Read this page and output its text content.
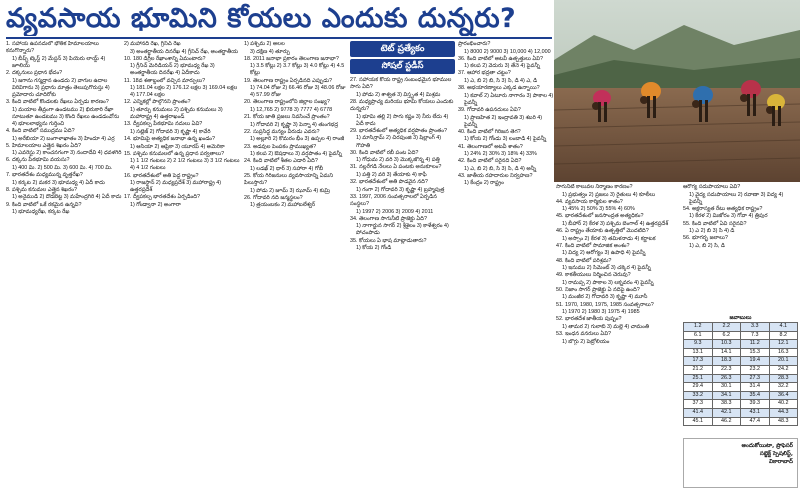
వ్యవసాయ భూమిని కోయలు ఎందుకు దున్నరు?
టెట్ ప్రత్యేకం
సోషల్ స్టడీస్
1. సహాయ ఉపనదులో భౌతిక హిమాలయాలు కనుగొన్నారు?
1) బీప్స్ ట్కెస్ట్ 2) మేస్టన్ 3) పియెరు లాయ్డ్ 4) జూలియ్
2. దక్కనులు ప్రధాన భేదం?
1) జగాను గస్మద్రాన ఉండదు 2) వాగుల ఉదాల విరివిగాను 3) ప్రధాను మాత్రం తెలుపుగొరుస్తు 4) ప్రమోదారు చూదిరోకు
3. కింది వాటిలో కొండలకు రేఖలు ఏర్పడు కారణం?
1) మయాల తీవ్రంగా ఉండటము 2) భిరుకారి రేఖా సూటుతూ ఉండటము 3) కొంది రేఖలు ఉండడంవోను 4) భూలలాభ్యను గుర్తించి
4. కింది వాటిలో సముద్రము ఏది?
1) అరేబియా 2) బంగాళాఖాతం 3) హిందూ 4) ఎర్ర
5. హిమాలయాల ఎత్తైన శిఖరం ఏది?
1) ఎవరెస్టు 2) కాంచనగంగా 3) నందాదేవి 4) ధవళగిరి
6. దక్కను పీఠభూమి వయసు?
1) 400 మి. 2) 500 మి. 3) 600 మి. 4) 700 మి.
7. భారతదేశం మధ్యమున్న వృత్తరేఖ?
1) కర్కట 2) మకర 3) భూమధ్య 4) ఏదీ కాదు
8. పశ్చిమ కనుమల ఎత్తైన శిఖరం?
1) అనైముడి 2) దొడబెట్ట 3) మహేంద్రగిరి 4) ఏదీ కాదు
9. కింది వాటిలో ఒకే రకమైన ఉన్నవి?
1) భూమధ్యరేఖ, కర్కట రేఖ
2) మహానది రేఖ, గ్రీనిచ్ రేఖ
3) అంతర్జాతీయ దినరేఖ 4) గ్రీనిచ్ రేఖ, అంతర్జాతీయ
10. 180 డిగ్రీల రేఖాంశాన్ని ఏమంటారు?
1) గ్రీనిచ్ మెరిడియన్ 2) భూమధ్య రేఖ 3) అంతర్జాతీయ దినరేఖ 4) ఏదీకాదు
11. 18వ శతాబ్దంలో వచ్చిన మార్పులు?
1) 181.04 లక్షల 2) 176.12 లక్షల 3) 169.04 లక్షల 4) 177.04 లక్షల
12. ఎన్నికల్లో పాల్గొనని ప్రాంతం?
1) తూర్పు కనుమలు 2) పశ్చిమ కనుమలు 3) మహారాష్ట్ర 4) ఉత్తరాఖండ్
13. ద్వీపకల్ప పీఠభూమి నదులు ఏవి?
1) సట్లెజ్ 2) గోదావరి 3) కృష్ణా 4) కావేరి
14. భూమిపై అత్యధిక జనాభా ఉన్న ఖండం?
1) ఆసియా 2) ఆఫ్రికా 3) యూరప్ 4) అమెరికా
15. పశ్చిమ కనుమలలో ఉన్న ప్రధాన పర్వతాలు?
1) 1 1/2 గంటలు 2) 2 1/2 గంటలు 3) 3 1/2 గంటలు 4) 4 1/2 గంటలు
16. భారతదేశంలో అతి పెద్ద రాష్ట్రం?
1) రాజస్థాన్ 2) మధ్యప్రదేశ్ 3) మహారాష్ట్ర 4) ఉత్తరప్రదేశ్
17. ద్వీపకల్ప భారతదేశం ఏర్పడింది?
1) గోండ్వానా 2) అంగారా
1) పశ్చిమ 2) అలల
3) దక్షిణ 4) తూర్పు
18. 2011 జనాభా ప్రకారం తెలంగాణ జనాభా?
1) 3.5 కోట్లు 2) 3.7 కోట్లు 3) 4.0 కోట్లు 4) 4.5 కోట్లు
19. తెలంగాణ రాష్ట్రం ఏర్పడినది ఎప్పుడు?
1) 74.04 రోజు 2) 66.46 రోజు 3) 48.06 రోజు 4) 57.99 రోజు
20. తెలంగాణ రాష్ట్రంలోని జిల్లాల సంఖ్య?
1) 12,765 2) 9778 3) 7777 4) 6778
21. కోయ జాతి ప్రజలు నివసించే ప్రాంతం?
1) గోదావరి 2) కృష్ణా 3) పెన్నా 4) తుంగభద్ర
22. సుప్రసిద్ధ మన్యం వీరుడు ఎవరు?
1) అల్లూరి 2) కొమరం భీం 3) ఉప్పల 4) రాంజీ
23. అడవుల పెంపకం ప్రాముఖ్యత?
1) కలప 2) ఔషధాలు 3) వర్షపాతం 4) పైవన్నీ
24. కింది వాటిలో శీతల ఎడారి ఏది?
1) లడఖ్ 2) థార్ 3) సహారా 4) గోబీ
25. కోయ గిరిజనులు వ్యవసాయాన్ని ఏమని పిలుస్తారు?
1) పోడు 2) జూమ్ 3) ఝూమ్ 4) కుమ్రి
26. గోదావరి నది జన్మస్థలం?
1) త్రయంబకం 2) మహాబలేశ్వర్
27. సహాయక కోయ రాష్ట్ర సంబంధమైన భూముల సాగు ఏది?
1) పోడు 2) శాశ్వత 3) విస్తృత 4) మిశ్రమ
28. మధ్యప్రాచ్య మరియు భూమి కోయలు ఎందుకు దున్నరు?
1) భూమి తల్లి 2) సాగు కష్టం 3) నీరు లేదు 4) ఏదీ కాదు
29. భారతదేశంలో అత్యధిక వర్షపాతం ప్రాంతం?
1) మాసిన్రామ్ 2) చిరపుంజి 3) షిల్లాంగ్ 4) గౌహతి
30. కింది వాటిలో రబీ పంట ఏది?
1) గోధుమ 2) వరి 3) మొక్కజొన్న 4) పత్తి
31. నల్లరేగడి నేలలు ఏ పంటకు అనుకూలం?
1) పత్తి 2) వరి 3) తేయాకు 4) కాఫీ
32. భారతదేశంలో అతి పొడవైన నది?
1) గంగా 2) గోదావరి 3) కృష్ణా 4) బ్రహ్మపుత్ర
33. 1997, 2006 సంవత్సరాలలో ఏర్పడిన సంస్థలు?
1) 1997 2) 2006 3) 2009 4) 2011
34. తెలంగాణ సాగునీటి ప్రాజెక్టు ఏది?
1) నాగార్జున సాగర్ 2) శ్రీశైలం 3) కాళేశ్వరం 4) పోచంపాడు
35. కోయలు ఏ భాష మాట్లాడుతారు?
1) కోయ 2) గోండి
ప్రారంభించారు?
1) 8000 2) 9000 3) 10,000 4) 12,000
36. కింది వాటిలో అటవీ ఉత్పత్తులు ఏవి?
1) కలప 2) వెదురు 3) తేనె 4) పైవన్నీ
37. ఆహార భద్రతా చట్టం?
1) ఎ, బి 2) బి, సి 3) సి, డి 4) ఎ, డి
38. అభయారణ్యాలు ఎక్కడ ఉన్నాయి?
1) కవాల్ 2) ఏటూరు నాగారం 3) పాకాల 4) పైవన్నీ
39. గోదావరి ఉపనదులు ఏవి?
1) ప్రాణహిత 2) ఇంద్రావతి 3) శబరి 4) పైవన్నీ
40. కింది వాటిలో గిరిజన తెగ?
1) కోయ 2) గోండు 3) లంబాడి 4) పైవన్నీ
41. తెలంగాణలో అటవీ శాతం?
1) 24% 2) 30% 3) 18% 4) 33%
42. కింది వాటిలో సరైనది ఏది?
1) ఎ, బి 2) బి, సి 3) సి, డి 4) అన్నీ
43. జాతీయ రహదారుల నిర్వహణ?
1) కేంద్రం 2) రాష్ట్రం
సాగునీటి కాలువల నిర్మాణం కారణం?
1) ప్రభుత్వం 2) ప్రజలు 3) రైతులు 4) కూలీలు
44. వ్యవసాయ కార్మికుల శాతం?
1) 45% 2) 50% 3) 55% 4) 60%
45. భారతదేశంలో జనసాంద్రత అత్యధికం?
1) బీహార్ 2) కేరళ 3) పశ్చిమ బెంగాల్ 4) ఉత్తరప్రదేశ్
46. ఏ రాష్ట్రం తేయాకు ఉత్పత్తిలో మొదటిది?
1) అస్సాం 2) కేరళ 3) తమిళనాడు 4) కర్ణాటక
47. కింది వాటిలో సామాజిక అంశం?
1) విద్య 2) ఆరోగ్యం 3) ఉపాధి 4) పైవన్నీ
48. కింది వాటిలో పరిశ్రమ?
1) ఇనుము 2) సిమెంట్ 3) చక్కెర 4) పైవన్నీ
49. కాకతీయులు నిర్మించిన చెరువు?
1) రామప్ప 2) పాకాల 3) లక్నవరం 4) పైవన్నీ
50. నిజాం సాగర్ ప్రాజెక్టు ఏ నదిపై ఉంది?
1) మంజీర 2) గోదావరి 3) కృష్ణా 4) మూసీ
51. 1970, 1980, 1975, 1985 సంవత్సరాలు?
1) 1970 2) 1980 3) 1975 4) 1985
52. భారతదేశ జాతీయ పుష్పం?
1) తామర 2) గులాబి 3) మల్లె 4) చామంతి
53. ఇంధన వనరులు ఏవి?
1) బొగ్గు 2) పెట్రోలియం
ఆరోగ్య సదుపాయాలు ఏవి?
1) వైద్య సదుపాయాలు 2) రవాణా 3) విద్య 4) పైవన్నీ
54. అక్షరాస్యత రేటు అత్యధిక రాష్ట్రం?
1) కేరళ 2) మిజోరం 3) గోవా 4) త్రిపుర
55. కింది వాటిలో ఏవి సరైనవి?
1) ఎ 2) బి 3) సి 4) డి
56. భూగర్భ జలాలు?
1) ఎ, బి 2) సి, డి
జవాబులు
1.2	2.2	3.3	4.1
6.1	6.2	7.3	8.2
9.3	10.3	11.2	12.1
13.1	14.1	15.3	16.3
17.3	18.3	19.4	20.1
21.2	22.3	23.2	24.2
25.1	26.3	27.3	28.3
29.4	30.1	31.4	32.2
33.2	34.1	35.4	36.4
37.3	38.3	39.3	40.2
41.4	42.1	43.1	44.3
45.1	46.2	47.4	48.3
అందుకోయిటా, ప్రొఫెసర్
సబ్జెక్ట్ స్పెషలిస్ట్,
వికారాబాద్
